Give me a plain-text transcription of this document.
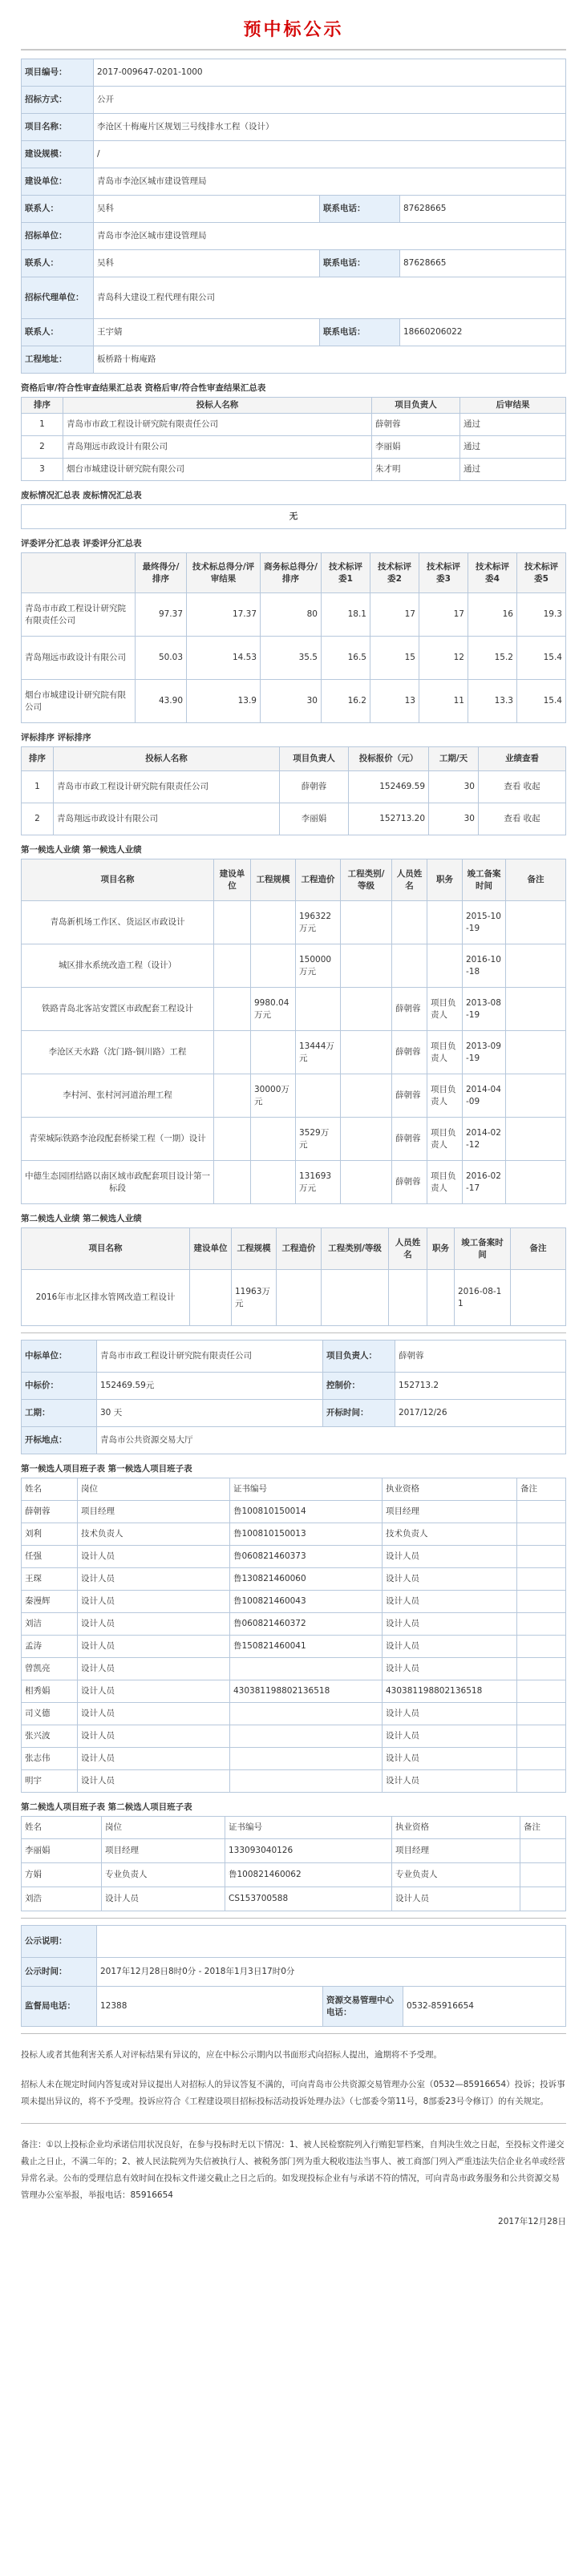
预中标公示
项目编号：	2017-009647-0201-1000		
招标方式：	公开		
项目名称：	李沧区十梅庵片区规划三号线排水工程（设计）		
建设规模：	/		
建设单位：	青岛市李沧区城市建设管理局		
联系人：	吴科	联系电话：	87628665
招标单位：	青岛市李沧区城市建设管理局		
联系人：	吴科	联系电话：	87628665
招标代理单位：	青岛科大建设工程代理有限公司		
联系人：	王宇婧	联系电话：	18660206022
工程地址：	板桥路十梅庵路		
资格后审/符合性审查结果汇总表 资格后审/符合性审查结果汇总表
排序	投标人名称	项目负责人	后审结果
1	青岛市市政工程设计研究院有限责任公司	薛朝蓉	通过
2	青岛翔远市政设计有限公司	李丽娟	通过
3	烟台市城建设计研究院有限公司	朱才明	通过
废标情况汇总表 废标情况汇总表
无
评委评分汇总表 评委评分汇总表
	最终得分/排序	技术标总得分/评审结果	商务标总得分/排序	技术标评委1	技术标评委2	技术标评委3	技术标评委4	技术标评委5
青岛市市政工程设计研究院有限责任公司	97.37	17.37	80	18.1	17	17	16	19.3
青岛翔远市政设计有限公司	50.03	14.53	35.5	16.5	15	12	15.2	15.4
烟台市城建设计研究院有限公司	43.90	13.9	30	16.2	13	11	13.3	15.4
评标排序 评标排序
排序	投标人名称	项目负责人	投标报价（元）	工期/天	业绩查看
1	青岛市市政工程设计研究院有限责任公司	薛朝蓉	152469.59	30	查看 收起
2	青岛翔远市政设计有限公司	李丽娟	152713.20	30	查看 收起
第一候选人业绩 第一候选人业绩
项目名称	建设单位	工程规模	工程造价	工程类别/等级	人员姓名	职务	竣工备案时间	备注
青岛新机场工作区、货运区市政设计			196322万元				2015-10-19	
城区排水系统改造工程（设计）			150000万元				2016-10-18	
铁路青岛北客站安置区市政配套工程设计		9980.04万元			薛朝蓉	项目负责人	2013-08-19	
李沧区天水路（沈门路-铜川路）工程			13444万元		薛朝蓉	项目负责人	2013-09-19	
李村河、张村河河道治理工程		30000万元			薛朝蓉	项目负责人	2014-04-09	
青荣城际铁路李沧段配套桥梁工程（一期）设计			3529万元		薛朝蓉	项目负责人	2014-02-12	
中德生态园团结路以南区域市政配套项目设计第一标段			131693万元		薛朝蓉	项目负责人	2016-02-17	
第二候选人业绩 第二候选人业绩
项目名称	建设单位	工程规模	工程造价	工程类别/等级	人员姓名	职务	竣工备案时间	备注
2016年市北区排水管网改造工程设计		11963万元					2016-08-11	
中标单位：	青岛市市政工程设计研究院有限责任公司	项目负责人：	薛朝蓉
中标价：	152469.59元	控制价：	152713.2
工期：	30 天	开标时间：	2017/12/26
开标地点：	青岛市公共资源交易大厅		
第一候选人项目班子表 第一候选人项目班子表
姓名	岗位	证书编号	执业资格	备注
薛朝蓉	项目经理	鲁100810150014	项目经理	
刘利	技术负责人	鲁100810150013	技术负责人	
任强	设计人员	鲁060821460373	设计人员	
王琛	设计人员	鲁130821460060	设计人员	
秦漫辉	设计人员	鲁100821460043	设计人员	
刘洁	设计人员	鲁060821460372	设计人员	
孟涛	设计人员	鲁150821460041	设计人员	
曾凯亮	设计人员		设计人员	
相秀娟	设计人员	430381198802136518	430381198802136518	
司义德	设计人员		设计人员	
张兴波	设计人员		设计人员	
张志伟	设计人员		设计人员	
明宇	设计人员		设计人员	
第二候选人项目班子表 第二候选人项目班子表
姓名	岗位	证书编号	执业资格	备注
李丽娟	项目经理	133093040126	项目经理	
方娟	专业负责人	鲁100821460062	专业负责人	
刘浩	设计人员	CS153700588	设计人员	
公示说明：			
公示时间：	2017年12月28日8时0分 - 2018年1月3日17时0分		
监督局电话：	12388	资源交易管理中心电话：	0532-85916654
投标人或者其他利害关系人对评标结果有异议的，应在中标公示期内以书面形式向招标人提出，逾期将不予受理。
招标人未在规定时间内答复或对异议提出人对招标人的异议答复不满的，可向青岛市公共资源交易管理办公室（0532—85916654）投诉；投诉事项未提出异议的，将不予受理。投诉应符合《工程建设项目招标投标活动投诉处理办法》（七部委令第11号，8部委23号令修订）的有关规定。
备注：①以上投标企业均承诺信用状况良好，在参与投标时无以下情况：1、被人民检察院列入行贿犯罪档案，自判决生效之日起，至投标文件递交截止之日止，不满二年的；2、被人民法院列为失信被执行人、被税务部门列为重大税收违法当事人、被工商部门列入严重违法失信企业名单或经营异常名录。公布的受理信息有效时间在投标文件递交截止之日之后的。如发现投标企业有与承诺不符的情况，可向青岛市政务服务和公共资源交易管理办公室举报，举报电话：85916654
2017年12月28日
